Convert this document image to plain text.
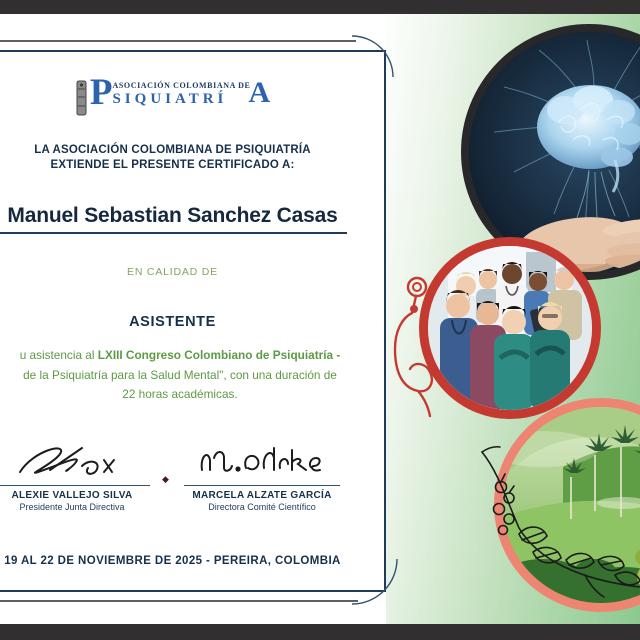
P ASOCIACIÓN COLOMBIANA DE
SIQUIATRÍ A
LA ASOCIACIÓN COLOMBIANA DE PSIQUIATRÍA
EXTIENDE EL PRESENTE CERTIFICADO A:
Manuel Sebastian Sanchez Casas
EN CALIDAD DE
ASISTENTE
u asistencia al LXIII Congreso Colombiano de Psiquiatría -
de la Psiquiatría para la Salud Mental", con una duración de
22 horas académicas.
ALEXIE VALLEJO SILVA
Presidente Junta Directiva
◆
MARCELA ALZATE GARCÍA
Directora Comité Científico
19 AL 22 DE NOVIEMBRE DE 2025 - PEREIRA, COLOMBIA
